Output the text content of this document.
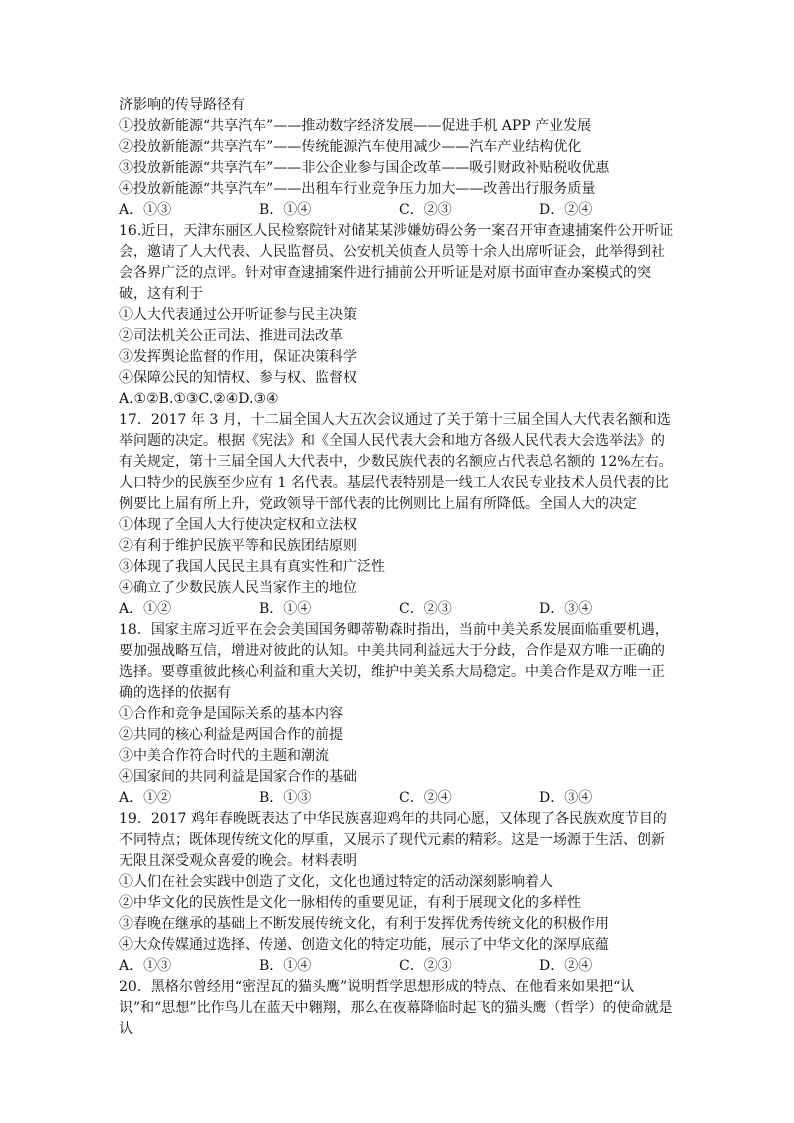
济影响的传导路径有
①投放新能源“共享汽车”——推动数字经济发展——促进手机 APP 产业发展
②投放新能源“共享汽车”——传统能源汽车使用减少——汽车产业结构优化
③投放新能源“共享汽车”——非公企业参与国企改革——吸引财政补贴税收优惠
④投放新能源“共享汽车”——出租车行业竞争压力加大——改善出行服务质量
A．①③	B．①④	C．②③	D．②④
16.近日，天津东丽区人民检察院针对储某某涉嫌妨碍公务一案召开审查逮捕案件公开听证会，邀请了人大代表、人民监督员、公安机关侦查人员等十余人出席听证会，此举得到社会各界广泛的点评。针对审查逮捕案件进行捕前公开听证是对原书面审查办案模式的突破，这有利于
①人大代表通过公开听证参与民主决策
②司法机关公正司法、推进司法改革
③发挥舆论监督的作用，保证决策科学
④保障公民的知情权、参与权、监督权
A.①②B.①③C.②④D.③④
17．2017 年 3 月，十二届全国人大五次会议通过了关于第十三届全国人大代表名额和选举问题的决定。根据《宪法》和《全国人民代表大会和地方各级人民代表大会选举法》的有关规定，第十三届全国人大代表中，少数民族代表的名额应占代表总名额的 12%左右。人口特少的民族至少应有 1 名代表。基层代表特别是一线工人农民专业技术人员代表的比例要比上届有所上升，党政领导干部代表的比例则比上届有所降低。全国人大的决定
①体现了全国人大行使决定权和立法权
②有利于维护民族平等和民族团结原则
③体现了我国人民民主具有真实性和广泛性
④确立了少数民族人民当家作主的地位
A．①②	B．①④	C．②③	D．③④
18．国家主席习近平在会会美国国务卿蒂勒森时指出，当前中美关系发展面临重要机遇，要加强战略互信，增进对彼此的认知。中美共同利益远大于分歧，合作是双方唯一正确的选择。要尊重彼此核心利益和重大关切，维护中美关系大局稳定。中美合作是双方唯一正确的选择的依据有
①合作和竞争是国际关系的基本内容
②共同的核心利益是两国合作的前提
③中美合作符合时代的主题和潮流
④国家间的共同利益是国家合作的基础
A．①②	B．①③	C．②④	D．③④
19．2017 鸡年春晚既表达了中华民族喜迎鸡年的共同心愿，又体现了各民族欢度节目的不同特点；既体现传统文化的厚重，又展示了现代元素的精彩。这是一场源于生活、创新无限且深受观众喜爱的晚会。材料表明
①人们在社会实践中创造了文化，文化也通过特定的活动深刻影响着人
②中华文化的民族性是文化一脉相传的重要见证，有利于展现文化的多样性
③春晚在继承的基础上不断发展传统文化，有利于发挥优秀传统文化的积极作用
④大众传媒通过选择、传递、创造文化的特定功能，展示了中华文化的深厚底蕴
A．①③	B．①④	C．②③	D．②④
20．黑格尔曾经用“密涅瓦的猫头鹰”说明哲学思想形成的特点、在他看来如果把“认识”和“思想”比作鸟儿在蓝天中翱翔，那么在夜幕降临时起飞的猫头鹰（哲学）的使命就是认
